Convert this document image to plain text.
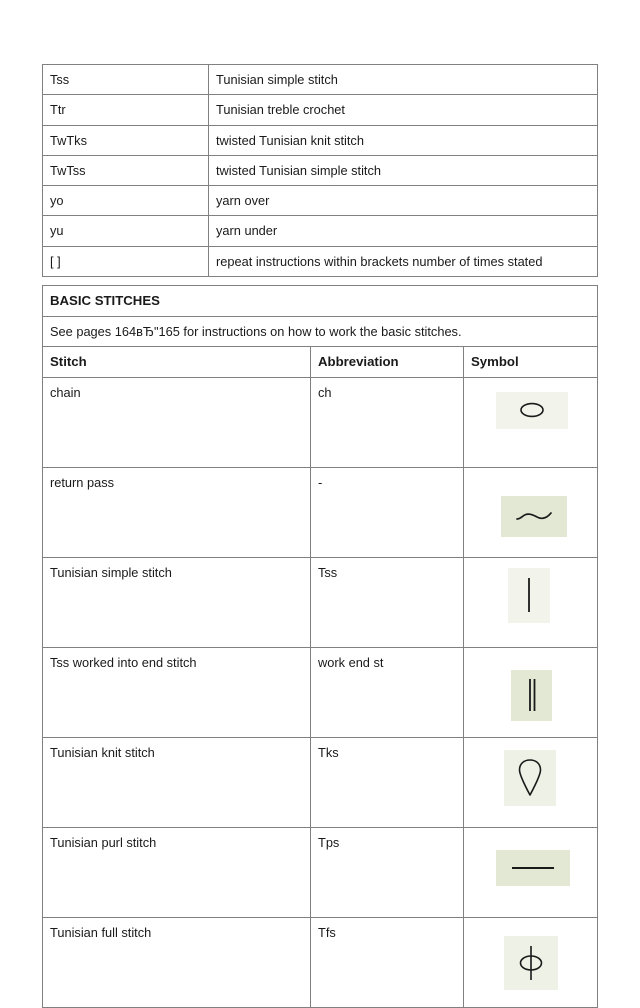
Tss	Tunisian simple stitch
Ttr	Tunisian treble crochet
TwTks	twisted Tunisian knit stitch
TwTss	twisted Tunisian simple stitch
yo	yarn over
yu	yarn under
[ ]	repeat instructions within brackets number of times stated
BASIC STITCHES		
See pages 164вЂ"165 for instructions on how to work the basic stitches.		
Stitch	Abbreviation	Symbol
chain	ch	

return pass	-	

Tunisian simple stitch	Tss	

Tss worked into end stitch	work end st	

Tunisian knit stitch	Tks	

Tunisian purl stitch	Tps	

Tunisian full stitch	Tfs	
